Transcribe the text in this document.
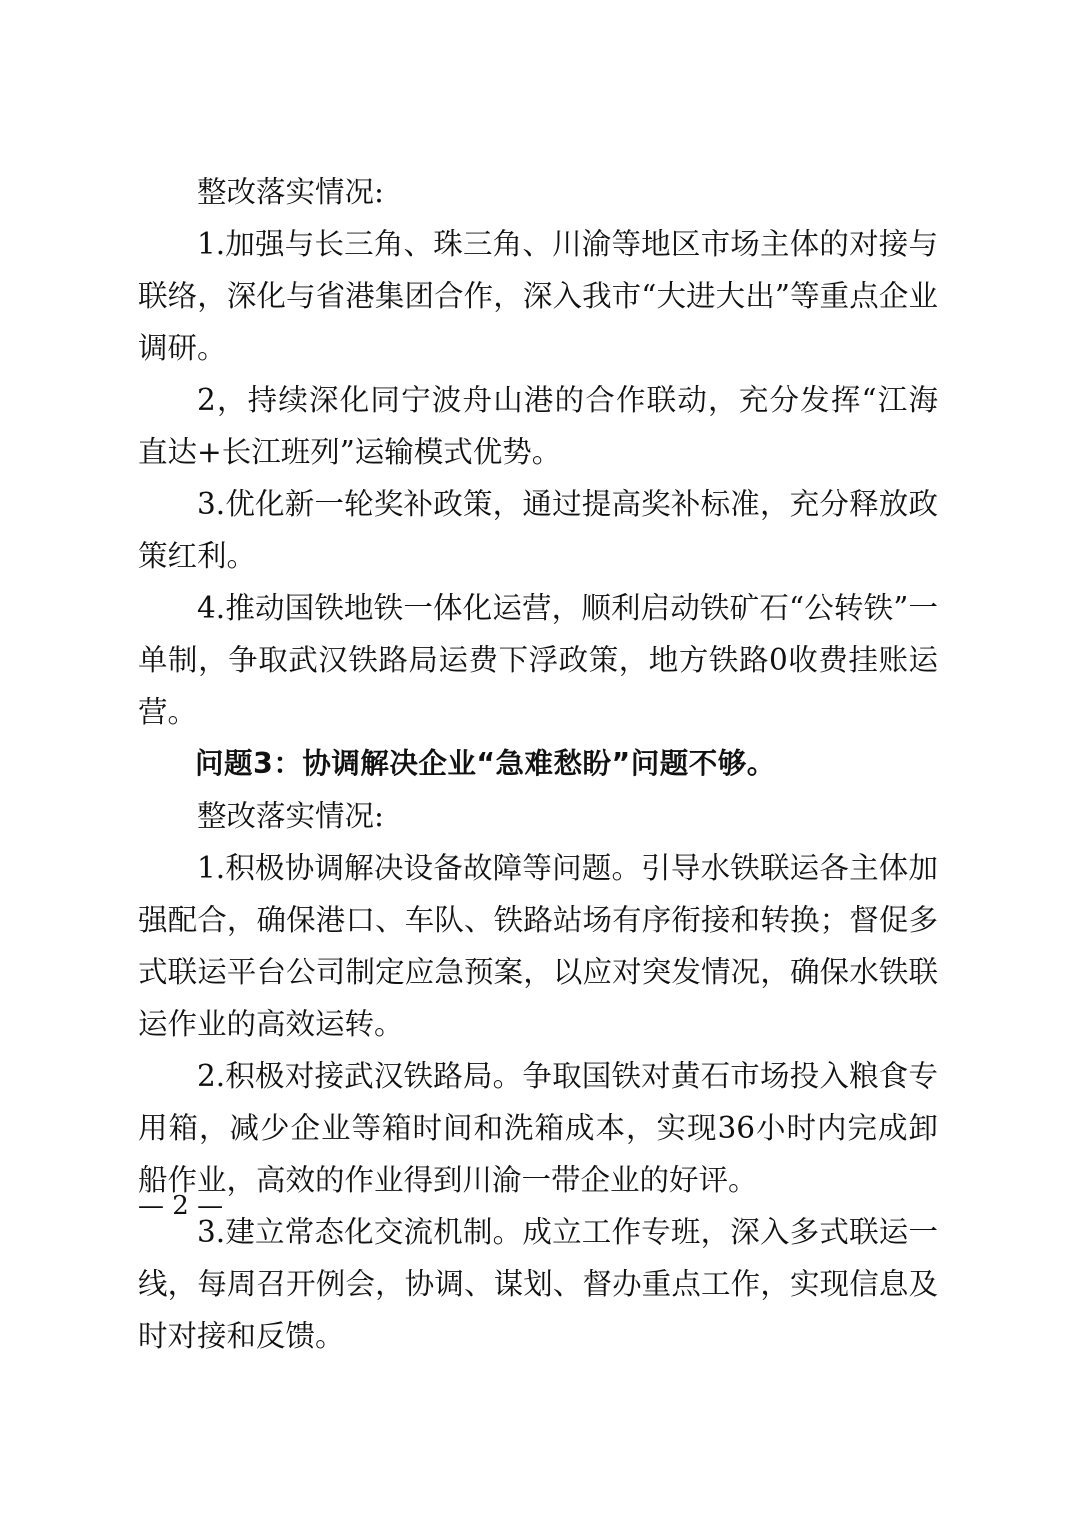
整改落实情况:

1.加强与长三角、珠三角、川渝等地区市场主体的对接与联络，深化与省港集团合作，深入我市“大进大出”等重点企业调研。

2，持续深化同宁波舟山港的合作联动，充分发挥“江海直达+长江班列”运输模式优势。

3.优化新一轮奖补政策，通过提高奖补标准，充分释放政策红利。

4.推动国铁地铁一体化运营，顺利启动铁矿石“公转铁”一单制，争取武汉铁路局运费下浮政策，地方铁路0收费挂账运营。

问题3：协调解决企业“急难愁盼”问题不够。

整改落实情况:

1.积极协调解决设备故障等问题。引导水铁联运各主体加强配合，确保港口、车队、铁路站场有序衔接和转换；督促多式联运平台公司制定应急预案，以应对突发情况，确保水铁联运作业的高效运转。

2.积极对接武汉铁路局。争取国铁对黄石市场投入粮食专用箱，减少企业等箱时间和洗箱成本，实现36小时内完成卸船作业，高效的作业得到川渝一带企业的好评。

3.建立常态化交流机制。成立工作专班，深入多式联运一线，每周召开例会，协调、谋划、督办重点工作，实现信息及时对接和反馈。

— 2 —
